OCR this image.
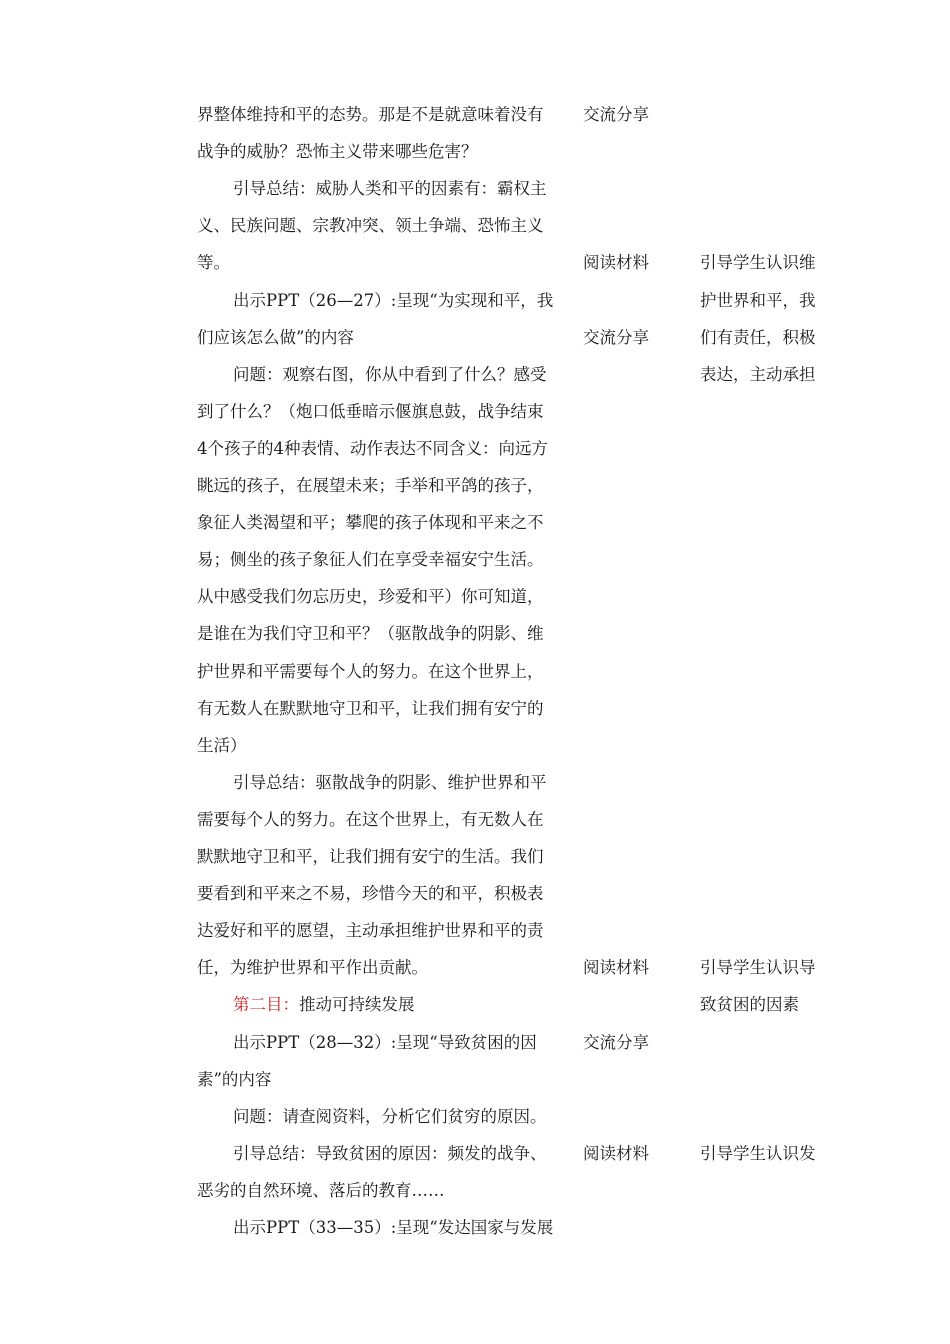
界整体维持和平的态势。那是不是就意味着没有
战争的威胁？恐怖主义带来哪些危害？
引导总结：威胁人类和平的因素有：霸权主
义、民族问题、宗教冲突、领土争端、恐怖主义
等。
出示PPT（26—27）:呈现“为实现和平，我
们应该怎么做”的内容
问题：观察右图，你从中看到了什么？感受
到了什么？（炮口低垂暗示偃旗息鼓，战争结束
4个孩子的4种表情、动作表达不同含义：向远方
眺远的孩子，在展望未来；手举和平鸽的孩子，
象征人类渴望和平；攀爬的孩子体现和平来之不
易；侧坐的孩子象征人们在享受幸福安宁生活。
从中感受我们勿忘历史，珍爱和平）你可知道，
是谁在为我们守卫和平？（驱散战争的阴影、维
护世界和平需要每个人的努力。在这个世界上，
有无数人在默默地守卫和平，让我们拥有安宁的
生活）
引导总结：驱散战争的阴影、维护世界和平
需要每个人的努力。在这个世界上，有无数人在
默默地守卫和平，让我们拥有安宁的生活。我们
要看到和平来之不易，珍惜今天的和平，积极表
达爱好和平的愿望，主动承担维护世界和平的责
任，为维护世界和平作出贡献。
第二目：推动可持续发展
出示PPT（28—32）:呈现“导致贫困的因
素”的内容
问题：请查阅资料，分析它们贫穷的原因。
引导总结：导致贫困的原因：频发的战争、
恶劣的自然环境、落后的教育……
出示PPT（33—35）:呈现“发达国家与发展
交流分享
阅读材料
交流分享
阅读材料
交流分享
阅读材料
引导学生认识维
护世界和平，我
们有责任，积极
表达，主动承担
引导学生认识导
致贫困的因素
引导学生认识发
